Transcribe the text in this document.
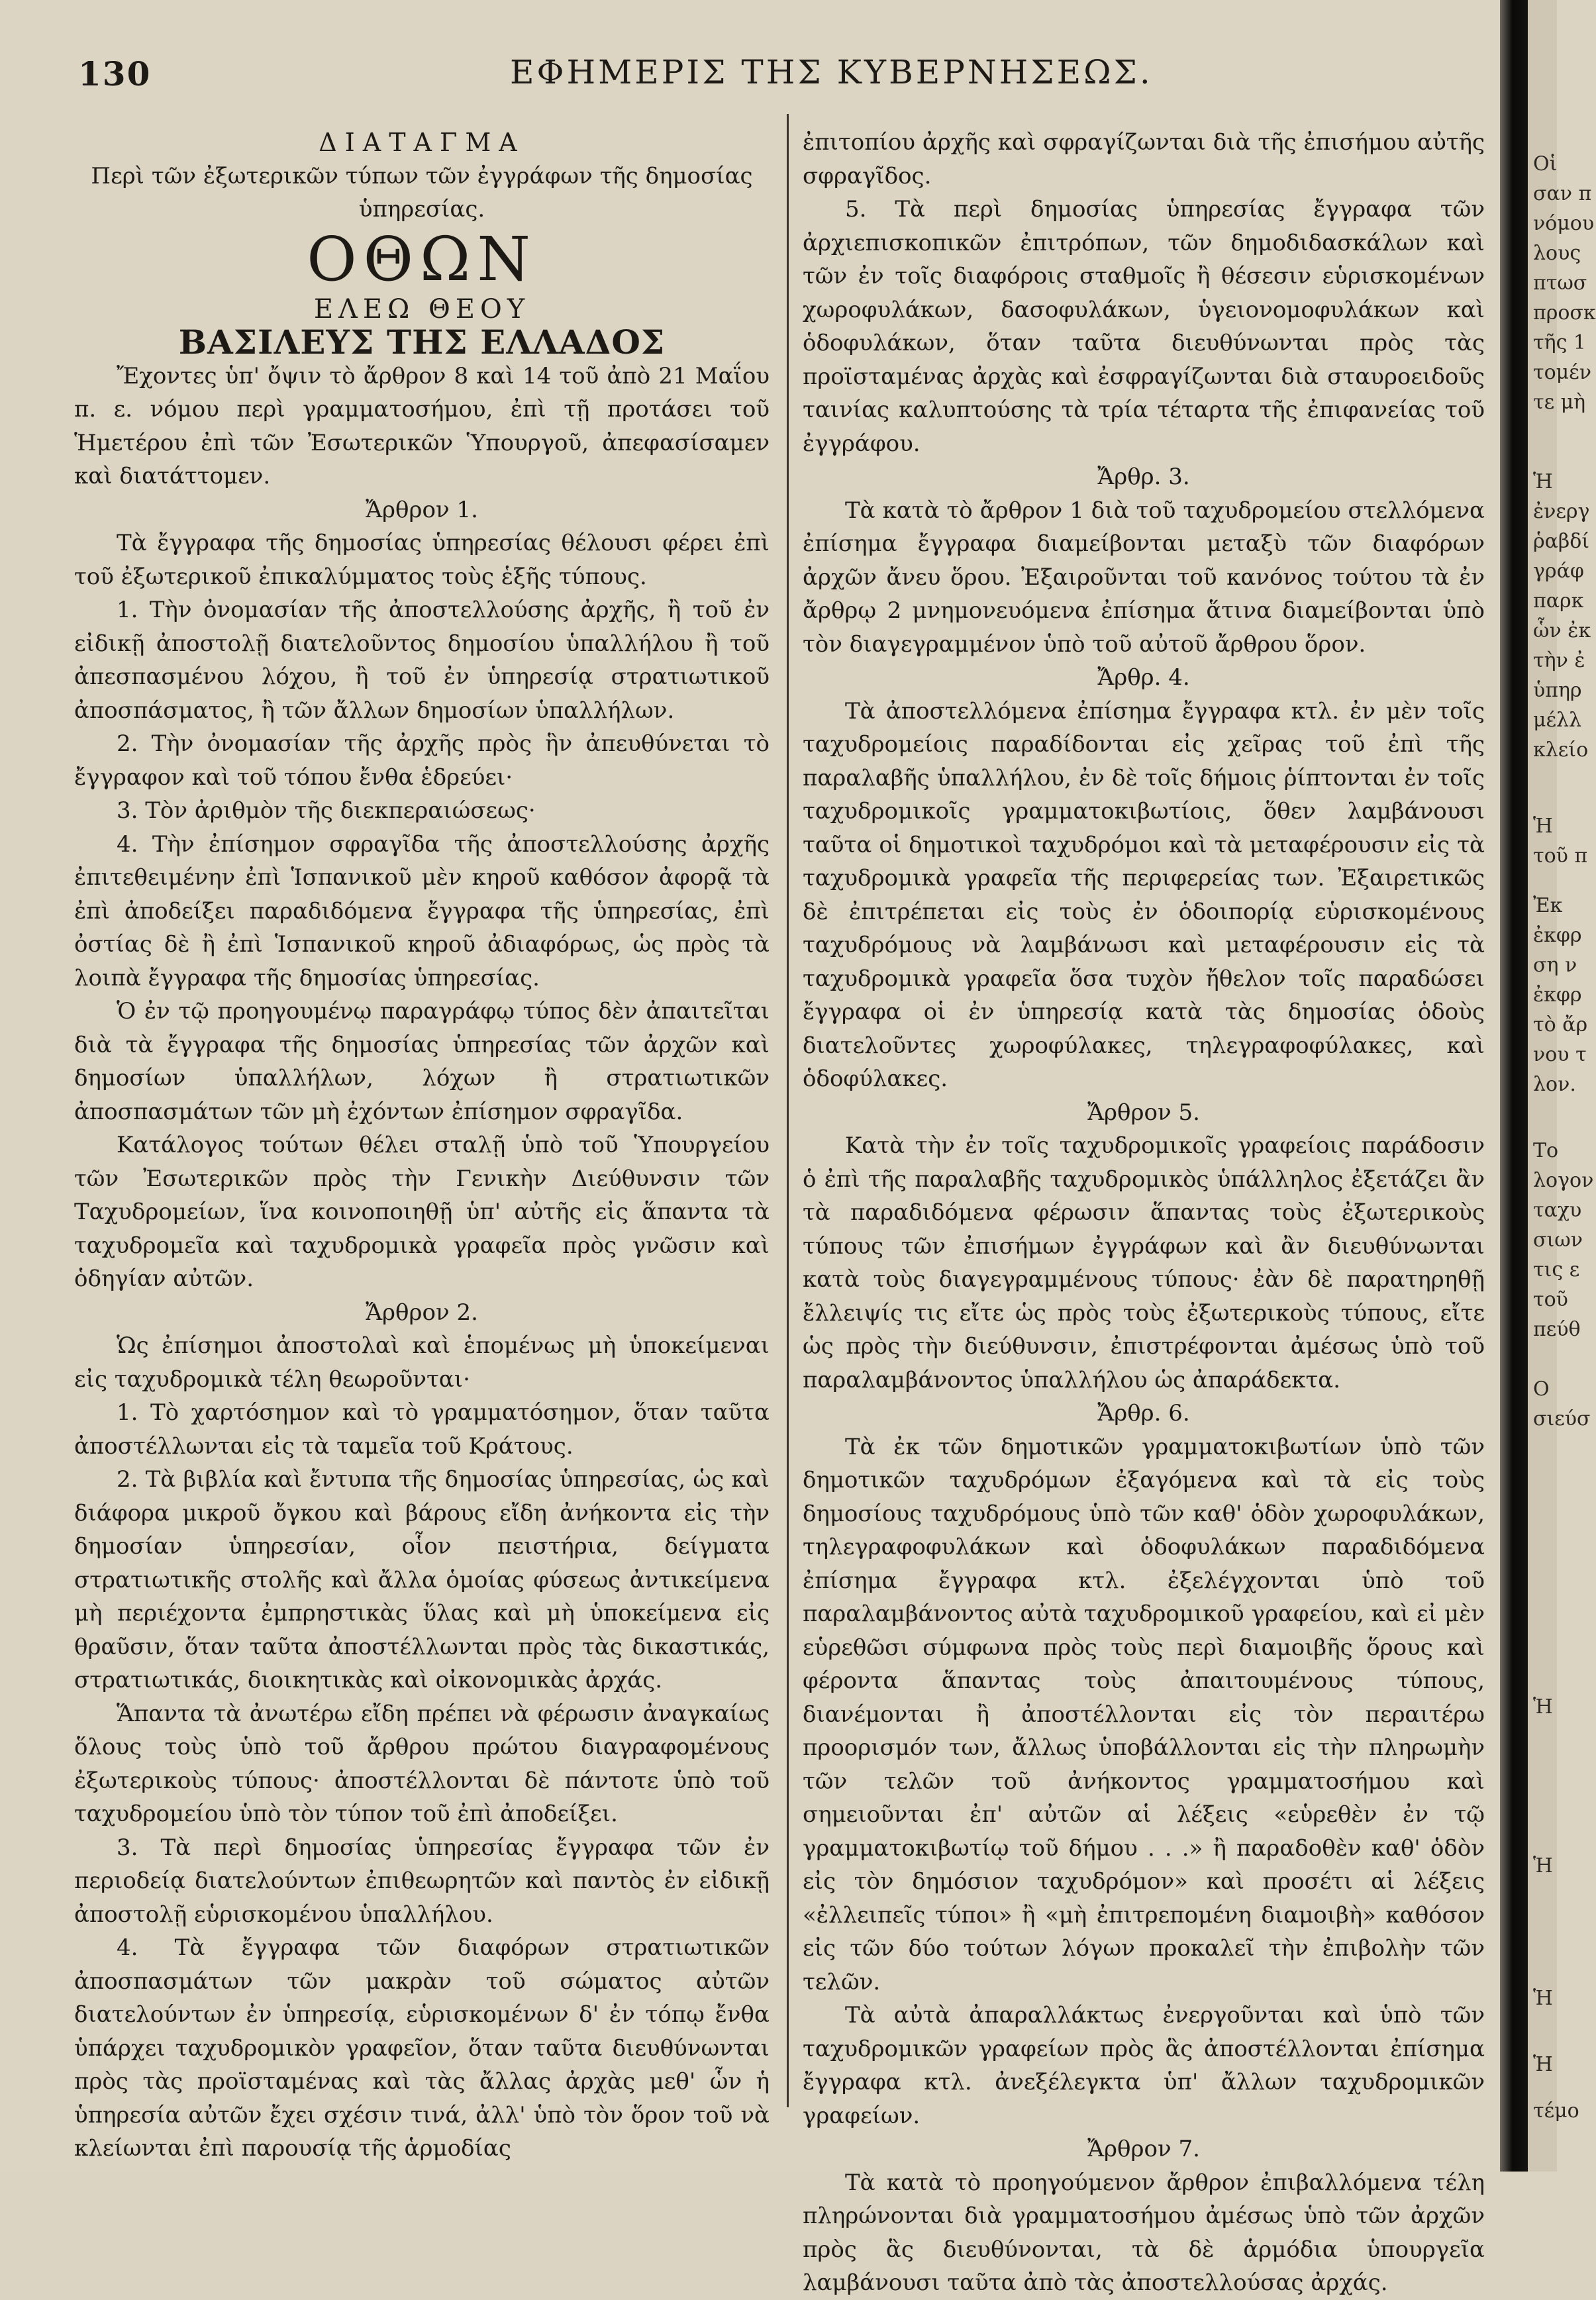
130	ΕΦΗΜΕΡΙΣ ΤΗΣ ΚΥΒΕΡΝΗΣΕΩΣ.

ΔΙΑΤΑΓΜΑ

Περὶ τῶν ἐξωτερικῶν τύπων τῶν ἐγγράφων τῆς δημοσίας ὑπηρεσίας.

ΟΘΩΝ

ΕΛΕΩ ΘΕΟΥ

ΒΑΣΙΛΕΥΣ ΤΗΣ ΕΛΛΑΔΟΣ

Ἔχοντες ὑπ' ὄψιν τὸ ἄρθρον 8 καὶ 14 τοῦ ἀπὸ 21 Μαΐου π. ε. νόμου περὶ γραμματοσήμου, ἐπὶ τῇ προτάσει τοῦ Ἡμετέρου ἐπὶ τῶν Ἐσωτερικῶν Ὑπουργοῦ, ἀπεφασίσαμεν καὶ διατάττομεν.

Ἄρθρον 1.

Τὰ ἔγγραφα τῆς δημοσίας ὑπηρεσίας θέλουσι φέρει ἐπὶ τοῦ ἐξωτερικοῦ ἐπικαλύμματος τοὺς ἑξῆς τύπους.

1. Τὴν ὀνομασίαν τῆς ἀποστελλούσης ἀρχῆς, ἢ τοῦ ἐν εἰδικῇ ἀποστολῇ διατελοῦντος δημοσίου ὑπαλλήλου ἢ τοῦ ἀπεσπασμένου λόχου, ἢ τοῦ ἐν ὑπηρεσίᾳ στρατιωτικοῦ ἀποσπάσματος, ἢ τῶν ἄλλων δημοσίων ὑπαλλήλων.

2. Τὴν ὀνομασίαν τῆς ἀρχῆς πρὸς ἣν ἀπευθύνεται τὸ ἔγγραφον καὶ τοῦ τόπου ἔνθα ἑδρεύει·

3. Τὸν ἀριθμὸν τῆς διεκπεραιώσεως·

4. Τὴν ἐπίσημον σφραγῖδα τῆς ἀποστελλούσης ἀρχῆς ἐπιτεθειμένην ἐπὶ Ἱσπανικοῦ μὲν κηροῦ καθόσον ἀφορᾷ τὰ ἐπὶ ἀποδείξει παραδιδόμενα ἔγγραφα τῆς ὑπηρεσίας, ἐπὶ ὀστίας δὲ ἢ ἐπὶ Ἱσπανικοῦ κηροῦ ἀδιαφόρως, ὡς πρὸς τὰ λοιπὰ ἔγγραφα τῆς δημοσίας ὑπηρεσίας.

Ὁ ἐν τῷ προηγουμένῳ παραγράφῳ τύπος δὲν ἀπαιτεῖται διὰ τὰ ἔγγραφα τῆς δημοσίας ὑπηρεσίας τῶν ἀρχῶν καὶ δημοσίων ὑπαλλήλων, λόχων ἢ στρατιωτικῶν ἀποσπασμάτων τῶν μὴ ἐχόντων ἐπίσημον σφραγῖδα.

Κατάλογος τούτων θέλει σταλῇ ὑπὸ τοῦ Ὑπουργείου τῶν Ἐσωτερικῶν πρὸς τὴν Γενικὴν Διεύθυνσιν τῶν Ταχυδρομείων, ἵνα κοινοποιηθῇ ὑπ' αὐτῆς εἰς ἅπαντα τὰ ταχυδρομεῖα καὶ ταχυδρομικὰ γραφεῖα πρὸς γνῶσιν καὶ ὁδηγίαν αὐτῶν.

Ἄρθρον 2.

Ὡς ἐπίσημοι ἀποστολαὶ καὶ ἑπομένως μὴ ὑποκείμεναι εἰς ταχυδρομικὰ τέλη θεωροῦνται·

1. Τὸ χαρτόσημον καὶ τὸ γραμματόσημον, ὅταν ταῦτα ἀποστέλλωνται εἰς τὰ ταμεῖα τοῦ Κράτους.

2. Τὰ βιβλία καὶ ἔντυπα τῆς δημοσίας ὑπηρεσίας, ὡς καὶ διάφορα μικροῦ ὄγκου καὶ βάρους εἴδη ἀνήκοντα εἰς τὴν δημοσίαν ὑπηρεσίαν, οἷον πειστήρια, δείγματα στρατιωτικῆς στολῆς καὶ ἄλλα ὁμοίας φύσεως ἀντικείμενα μὴ περιέχοντα ἐμπρηστικὰς ὕλας καὶ μὴ ὑποκείμενα εἰς θραῦσιν, ὅταν ταῦτα ἀποστέλλωνται πρὸς τὰς δικαστικάς, στρατιωτικάς, διοικητικὰς καὶ οἰκονομικὰς ἀρχάς.

Ἅπαντα τὰ ἀνωτέρω εἴδη πρέπει νὰ φέρωσιν ἀναγκαίως ὅλους τοὺς ὑπὸ τοῦ ἄρθρου πρώτου διαγραφομένους ἐξωτερικοὺς τύπους· ἀποστέλλονται δὲ πάντοτε ὑπὸ τοῦ ταχυδρομείου ὑπὸ τὸν τύπον τοῦ ἐπὶ ἀποδείξει.

3. Τὰ περὶ δημοσίας ὑπηρεσίας ἔγγραφα τῶν ἐν περιοδείᾳ διατελούντων ἐπιθεωρητῶν καὶ παντὸς ἐν εἰδικῇ ἀποστολῇ εὑρισκομένου ὑπαλλήλου.

4. Τὰ ἔγγραφα τῶν διαφόρων στρατιωτικῶν ἀποσπασμάτων τῶν μακρὰν τοῦ σώματος αὐτῶν διατελούντων ἐν ὑπηρεσίᾳ, εὑρισκομένων δ' ἐν τόπῳ ἔνθα ὑπάρχει ταχυδρομικὸν γραφεῖον, ὅταν ταῦτα διευθύνωνται πρὸς τὰς προϊσταμένας καὶ τὰς ἄλλας ἀρχὰς μεθ' ὧν ἡ ὑπηρεσία αὐτῶν ἔχει σχέσιν τινά, ἀλλ' ὑπὸ τὸν ὅρον τοῦ νὰ κλείωνται ἐπὶ παρουσίᾳ τῆς ἁρμοδίας

ἐπιτοπίου ἀρχῆς καὶ σφραγίζωνται διὰ τῆς ἐπισήμου αὐτῆς σφραγῖδος.

5. Τὰ περὶ δημοσίας ὑπηρεσίας ἔγγραφα τῶν ἀρχιεπισκοπικῶν ἐπιτρόπων, τῶν δημοδιδασκάλων καὶ τῶν ἐν τοῖς διαφόροις σταθμοῖς ἢ θέσεσιν εὑρισκομένων χωροφυλάκων, δασοφυλάκων, ὑγειονομοφυλάκων καὶ ὁδοφυλάκων, ὅταν ταῦτα διευθύνωνται πρὸς τὰς προϊσταμένας ἀρχὰς καὶ ἐσφραγίζωνται διὰ σταυροειδοῦς ταινίας καλυπτούσης τὰ τρία τέταρτα τῆς ἐπιφανείας τοῦ ἐγγράφου.

Ἄρθρ. 3.

Τὰ κατὰ τὸ ἄρθρον 1 διὰ τοῦ ταχυδρομείου στελλόμενα ἐπίσημα ἔγγραφα διαμείβονται μεταξὺ τῶν διαφόρων ἀρχῶν ἄνευ ὅρου. Ἐξαιροῦνται τοῦ κανόνος τούτου τὰ ἐν ἄρθρῳ 2 μνημονευόμενα ἐπίσημα ἅτινα διαμείβονται ὑπὸ τὸν διαγεγραμμένον ὑπὸ τοῦ αὐτοῦ ἄρθρου ὅρον.

Ἄρθρ. 4.

Τὰ ἀποστελλόμενα ἐπίσημα ἔγγραφα κτλ. ἐν μὲν τοῖς ταχυδρομείοις παραδίδονται εἰς χεῖρας τοῦ ἐπὶ τῆς παραλαβῆς ὑπαλλήλου, ἐν δὲ τοῖς δήμοις ῥίπτονται ἐν τοῖς ταχυδρομικοῖς γραμματοκιβωτίοις, ὅθεν λαμβάνουσι ταῦτα οἱ δημοτικοὶ ταχυδρόμοι καὶ τὰ μεταφέρουσιν εἰς τὰ ταχυδρομικὰ γραφεῖα τῆς περιφερείας των. Ἐξαιρετικῶς δὲ ἐπιτρέπεται εἰς τοὺς ἐν ὁδοιπορίᾳ εὑρισκομένους ταχυδρόμους νὰ λαμβάνωσι καὶ μεταφέρουσιν εἰς τὰ ταχυδρομικὰ γραφεῖα ὅσα τυχὸν ἤθελον τοῖς παραδώσει ἔγγραφα οἱ ἐν ὑπηρεσίᾳ κατὰ τὰς δημοσίας ὁδοὺς διατελοῦντες χωροφύλακες, τηλεγραφοφύλακες, καὶ ὁδοφύλακες.

Ἄρθρον 5.

Κατὰ τὴν ἐν τοῖς ταχυδρομικοῖς γραφείοις παράδοσιν ὁ ἐπὶ τῆς παραλαβῆς ταχυδρομικὸς ὑπάλληλος ἐξετάζει ἂν τὰ παραδιδόμενα φέρωσιν ἅπαντας τοὺς ἐξωτερικοὺς τύπους τῶν ἐπισήμων ἐγγράφων καὶ ἂν διευθύνωνται κατὰ τοὺς διαγεγραμμένους τύπους· ἐὰν δὲ παρατηρηθῇ ἔλλειψίς τις εἴτε ὡς πρὸς τοὺς ἐξωτερικοὺς τύπους, εἴτε ὡς πρὸς τὴν διεύθυνσιν, ἐπιστρέφονται ἀμέσως ὑπὸ τοῦ παραλαμβάνοντος ὑπαλλήλου ὡς ἀπαράδεκτα.

Ἄρθρ. 6.

Τὰ ἐκ τῶν δημοτικῶν γραμματοκιβωτίων ὑπὸ τῶν δημοτικῶν ταχυδρόμων ἐξαγόμενα καὶ τὰ εἰς τοὺς δημοσίους ταχυδρόμους ὑπὸ τῶν καθ' ὁδὸν χωροφυλάκων, τηλεγραφοφυλάκων καὶ ὁδοφυλάκων παραδιδόμενα ἐπίσημα ἔγγραφα κτλ. ἐξελέγχονται ὑπὸ τοῦ παραλαμβάνοντος αὐτὰ ταχυδρομικοῦ γραφείου, καὶ εἰ μὲν εὑρεθῶσι σύμφωνα πρὸς τοὺς περὶ διαμοιβῆς ὅρους καὶ φέροντα ἅπαντας τοὺς ἀπαιτουμένους τύπους, διανέμονται ἢ ἀποστέλλονται εἰς τὸν περαιτέρω προορισμόν των, ἄλλως ὑποβάλλονται εἰς τὴν πληρωμὴν τῶν τελῶν τοῦ ἀνήκοντος γραμματοσήμου καὶ σημειοῦνται ἐπ' αὐτῶν αἱ λέξεις «εὑρεθὲν ἐν τῷ γραμματοκιβωτίῳ τοῦ δήμου . . .» ἢ παραδοθὲν καθ' ὁδὸν εἰς τὸν δημόσιον ταχυδρόμον» καὶ προσέτι αἱ λέξεις «ἐλλειπεῖς τύποι» ἢ «μὴ ἐπιτρεπομένη διαμοιβὴ» καθόσον εἰς τῶν δύο τούτων λόγων προκαλεῖ τὴν ἐπιβολὴν τῶν τελῶν.

Τὰ αὐτὰ ἀπαραλλάκτως ἐνεργοῦνται καὶ ὑπὸ τῶν ταχυδρομικῶν γραφείων πρὸς ἃς ἀποστέλλονται ἐπίσημα ἔγγραφα κτλ. ἀνεξέλεγκτα ὑπ' ἄλλων ταχυδρομικῶν γραφείων.

Ἄρθρον 7.

Τὰ κατὰ τὸ προηγούμενον ἄρθρον ἐπιβαλλόμενα τέλη πληρώνονται διὰ γραμματοσήμου ἀμέσως ὑπὸ τῶν ἀρχῶν πρὸς ἃς διευθύνονται, τὰ δὲ ἁρμόδια ὑπουργεῖα λαμβάνουσι ταῦτα ἀπὸ τὰς ἀποστελλούσας ἀρχάς.

Οἱ
σαν π
νόμου
λους
πτωσ
προσκ
τῆς 1
τομέν
τε μὴ
Ἡ
ἐνεργ
ῥαβδί
γράφ
παρκ
ὧν ἐκ
τὴν ἐ
ὑπηρ
μέλλ
κλείο
Ἡ
τοῦ π
Ἐκ
ἐκφρ
ση ν
ἐκφρ
τὸ ἄρ
νου τ
λον.
Το
λογον
ταχυ
σιων
τις ε
τοῦ
πεύθ
Ο
σιεύσ
Ἡ
Ἡ
Ἡ
Ἡ
τέμο
